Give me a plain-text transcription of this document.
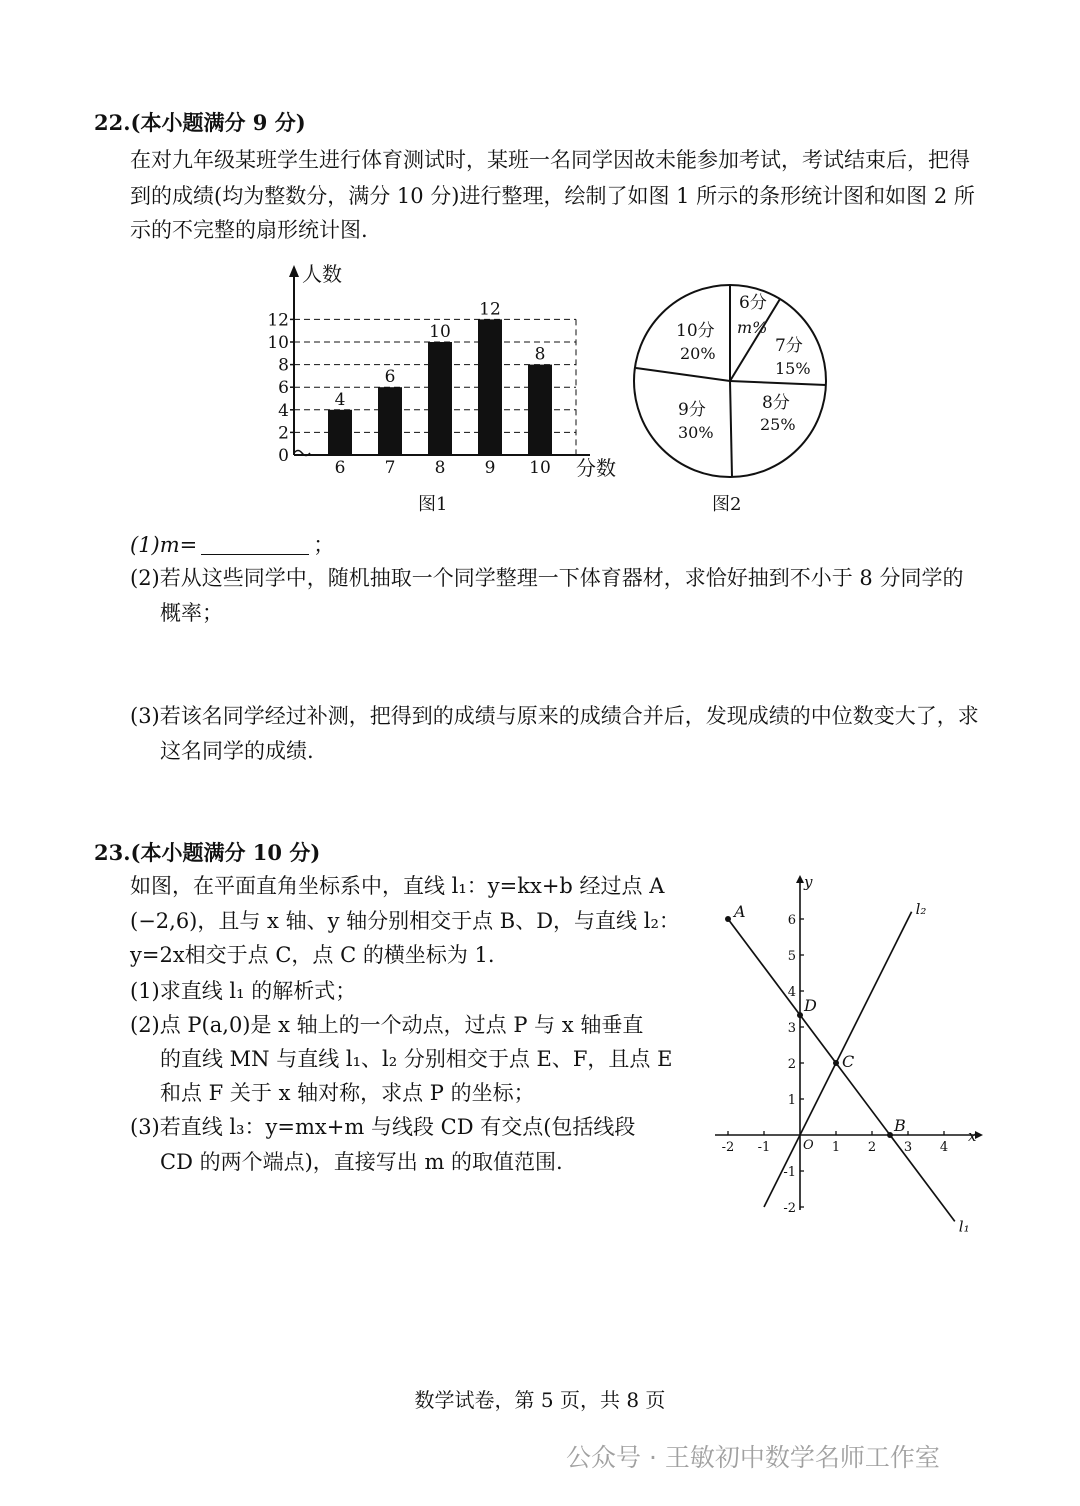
22.(本小题满分 9 分)
在对九年级某班学生进行体育测试时，某班一名同学因故未能参加考试，考试结束后，把得
到的成绩(均为整数分，满分 10 分)进行整理，绘制了如图 1 所示的条形统计图和如图 2 所
示的不完整的扇形统计图.
人数
分数
0
2
4
6
8
10
12
4
6
6
7
10
8
12
9
8
10
图1
6分
m%
7分
15%
8分
25%
9分
30%
10分
20%
图2
(1)m=	；
(2)若从这些同学中，随机抽取一个同学整理一下体育器材，求恰好抽到不小于 8 分同学的
概率；
(3)若该名同学经过补测，把得到的成绩与原来的成绩合并后，发现成绩的中位数变大了，求
这名同学的成绩.
23.(本小题满分 10 分)
如图，在平面直角坐标系中，直线 l₁：y=kx+b 经过点 A
(−2,6)，且与 x 轴、y 轴分别相交于点 B、D，与直线 l₂：
y=2x相交于点 C，点 C 的横坐标为 1.
(1)求直线 l₁ 的解析式；
(2)点 P(a,0)是 x 轴上的一个动点，过点 P 与 x 轴垂直
的直线 MN 与直线 l₁、l₂ 分别相交于点 E、F，且点 E
和点 F 关于 x 轴对称，求点 P 的坐标；
(3)若直线 l₃：y=mx+m 与线段 CD 有交点(包括线段
CD 的两个端点)，直接写出 m 的取值范围.
x
y
O
-2 -1	1 2 3 4
-2
-1
1
2
3
4
5
6
l₁
l₂
A
D
C
B
数学试卷，第 5 页，共 8 页
公众号 · 王敏初中数学名师工作室
